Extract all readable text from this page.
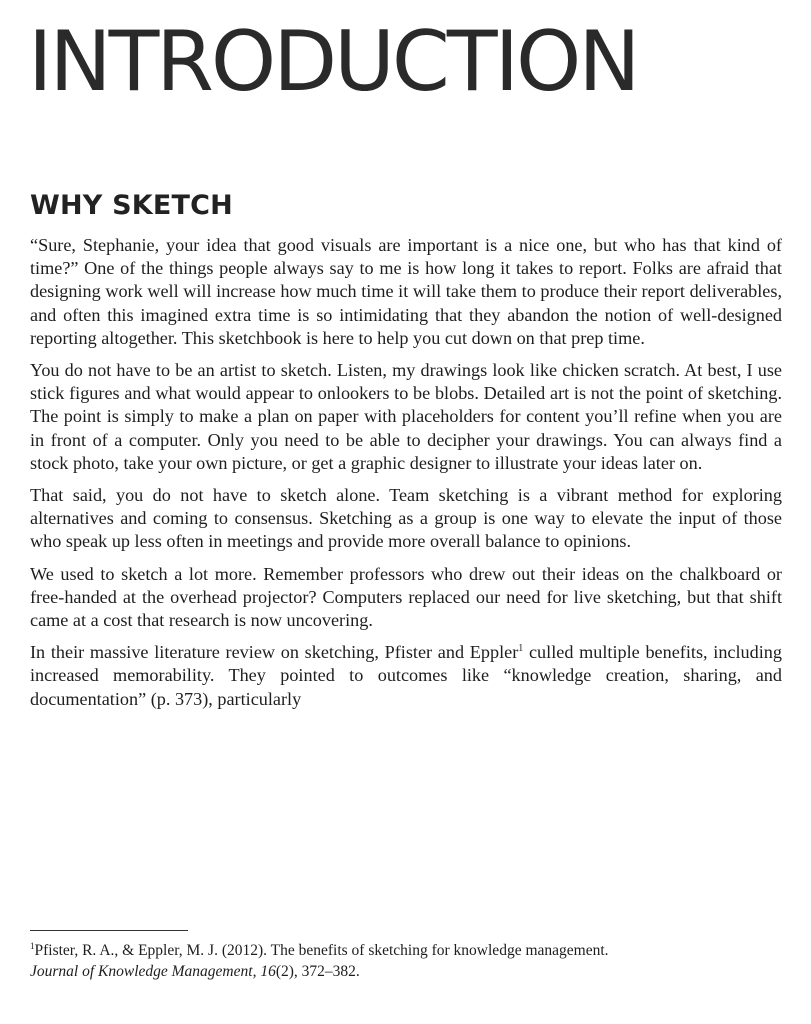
INTRODUCTION
WHY SKETCH

“Sure, Stephanie, your idea that good visuals are important is a nice one, but who has that kind of time?” One of the things people always say to me is how long it takes to report. Folks are afraid that designing work well will increase how much time it will take them to produce their report deliverables, and often this imagined extra time is so intimidating that they abandon the notion of well-designed reporting altogether. This sketchbook is here to help you cut down on that prep time.

You do not have to be an artist to sketch. Listen, my drawings look like chicken scratch. At best, I use stick figures and what would appear to onlookers to be blobs. Detailed art is not the point of sketching. The point is simply to make a plan on paper with placeholders for content you’ll refine when you are in front of a computer. Only you need to be able to decipher your drawings. You can always find a stock photo, take your own picture, or get a graphic designer to illustrate your ideas later on.

That said, you do not have to sketch alone. Team sketching is a vibrant method for exploring alternatives and coming to consensus. Sketching as a group is one way to elevate the input of those who speak up less often in meetings and provide more overall balance to opinions.

We used to sketch a lot more. Remember professors who drew out their ideas on the chalkboard or free-handed at the overhead projector? Computers replaced our need for live sketching, but that shift came at a cost that research is now uncovering.

In their massive literature review on sketching, Pfister and Eppler$^1$ culled multiple benefits, including increased memorability. They pointed to outcomes like “knowledge creation, sharing, and documentation” (p. 373), particularly

$^1$Pfister, R. A., & Eppler, M. J. (2012). The benefits of sketching for knowledge management.
Journal of Knowledge Management, 16(2), 372–382.
